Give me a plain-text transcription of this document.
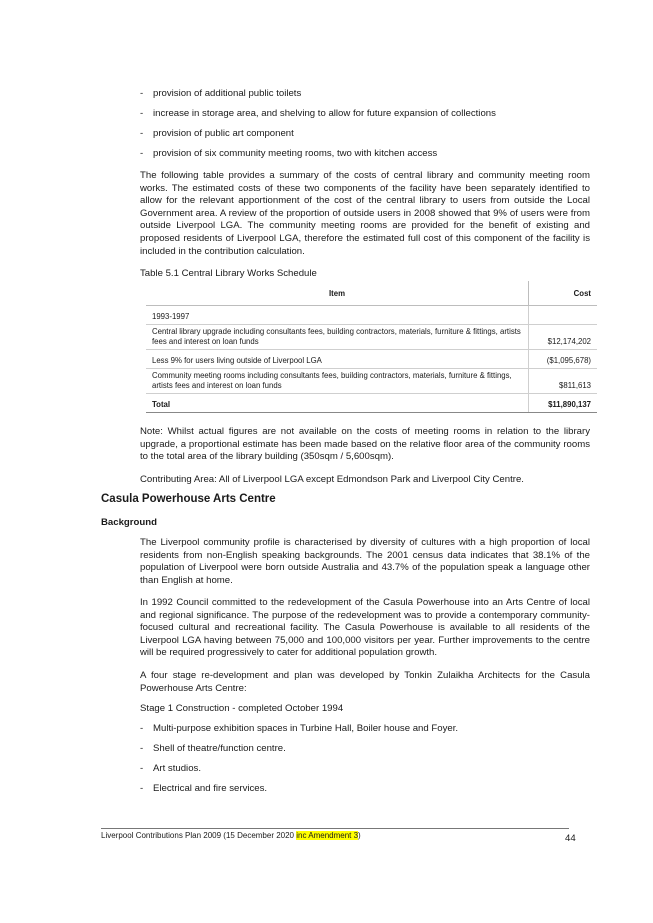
-	provision of additional public toilets
-	increase in storage area, and shelving to allow for future expansion of collections
-	provision of public art component
-	provision of six community meeting rooms, two with kitchen access

The following table provides a summary of the costs of central library and community meeting room works. The estimated costs of these two components of the facility have been separately identified to allow for the relevant apportionment of the cost of the central library to users from outside the Local Government area. A review of the proportion of outside users in 2008 showed that 9% of users were from outside Liverpool LGA. The community meeting rooms are provided for the benefit of existing and proposed residents of Liverpool LGA, therefore the estimated full cost of this component of the facility is included in the contribution calculation.

Table 5.1 Central Library Works Schedule
Item	Cost
1993-1997	
Central library upgrade including consultants fees, building contractors, materials, furniture & fittings, artists fees and interest on loan funds	$12,174,202
Less 9% for users living outside of Liverpool LGA	($1,095,678)
Community meeting rooms including consultants fees, building contractors, materials, furniture & fittings, artists fees and interest on loan funds	$811,613
Total	$11,890,137

Note: Whilst actual figures are not available on the costs of meeting rooms in relation to the library upgrade, a proportional estimate has been made based on the relative floor area of the community rooms to the total area of the library building (350sqm / 5,600sqm).

Contributing Area: All of Liverpool LGA except Edmondson Park and Liverpool City Centre.

Casula Powerhouse Arts Centre
Background

The Liverpool community profile is characterised by diversity of cultures with a high proportion of local residents from non-English speaking backgrounds. The 2001 census data indicates that 38.1% of the population of Liverpool were born outside Australia and 43.7% of the population speak a language other than English at home.

In 1992 Council committed to the redevelopment of the Casula Powerhouse into an Arts Centre of local and regional significance. The purpose of the redevelopment was to provide a contemporary community-focused cultural and recreational facility. The Casula Powerhouse is available to all residents of the Liverpool LGA having between 75,000 and 100,000 visitors per year. Further improvements to the centre will be required progressively to cater for additional population growth.

A four stage re-development and plan was developed by Tonkin Zulaikha Architects for the Casula Powerhouse Arts Centre:

Stage 1 Construction - completed October 1994

-	Multi-purpose exhibition spaces in Turbine Hall, Boiler house and Foyer.
-	Shell of theatre/function centre.
-	Art studios.
-	Electrical and fire services.
Liverpool Contributions Plan 2009 (15 December 2020 inc Amendment 3)	44
